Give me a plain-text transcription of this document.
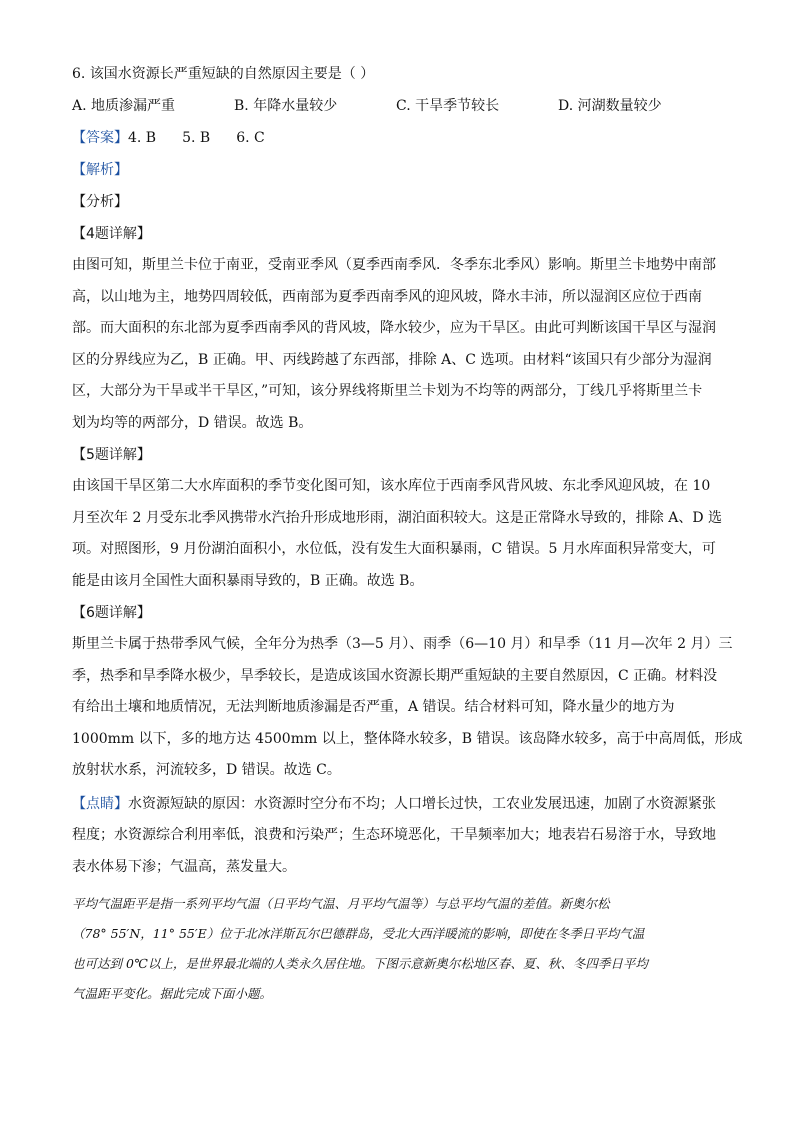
6. 该国水资源长严重短缺的自然原因主要是（ ）
A. 地质渗漏严重	B. 年降水量较少	C. 干旱季节较长	D. 河湖数量较少
【答案】4. B 5. B 6. C
【解析】
【分析】
【4题详解】
由图可知，斯里兰卡位于南亚，受南亚季风（夏季西南季风．冬季东北季风）影响。斯里兰卡地势中南部
高，以山地为主，地势四周较低，西南部为夏季西南季风的迎风坡，降水丰沛，所以湿润区应位于西南
部。而大面积的东北部为夏季西南季风的背风坡，降水较少，应为干旱区。由此可判断该国干旱区与湿润
区的分界线应为乙，B 正确。甲、丙线跨越了东西部，排除 A、C 选项。由材料“该国只有少部分为湿润
区，大部分为干旱或半干旱区，”可知，该分界线将斯里兰卡划为不均等的两部分，丁线几乎将斯里兰卡
划为均等的两部分，D 错误。故选 B。
【5题详解】
由该国干旱区第二大水库面积的季节变化图可知，该水库位于西南季风背风坡、东北季风迎风坡，在 10
月至次年 2 月受东北季风携带水汽抬升形成地形雨，湖泊面积较大。这是正常降水导致的，排除 A、D 选
项。对照图形，9 月份湖泊面积小，水位低，没有发生大面积暴雨，C 错误。5 月水库面积异常变大，可
能是由该月全国性大面积暴雨导致的，B 正确。故选 B。
【6题详解】
斯里兰卡属于热带季风气候，全年分为热季（3—5 月）、雨季（6—10 月）和旱季（11 月—次年 2 月）三
季，热季和旱季降水极少，旱季较长，是造成该国水资源长期严重短缺的主要自然原因，C 正确。材料没
有给出土壤和地质情况，无法判断地质渗漏是否严重，A 错误。结合材料可知，降水量少的地方为
1000mm 以下，多的地方达 4500mm 以上，整体降水较多，B 错误。该岛降水较多，高于中高周低，形成
放射状水系，河流较多，D 错误。故选 C。
【点睛】水资源短缺的原因：水资源时空分布不均；人口增长过快，工农业发展迅速，加剧了水资源紧张
程度；水资源综合利用率低，浪费和污染严；生态环境恶化，干旱频率加大；地表岩石易溶于水，导致地
表水体易下渗；气温高，蒸发量大。
平均气温距平是指一系列平均气温（日平均气温、月平均气温等）与总平均气温的差值。新奥尔松
（78° 55′N，11° 55′E）位于北冰洋斯瓦尔巴德群岛，受北大西洋暖流的影响，即使在冬季日平均气温
也可达到 0℃以上，是世界最北端的人类永久居住地。下图示意新奥尔松地区春、夏、秋、冬四季日平均
气温距平变化。据此完成下面小题。
